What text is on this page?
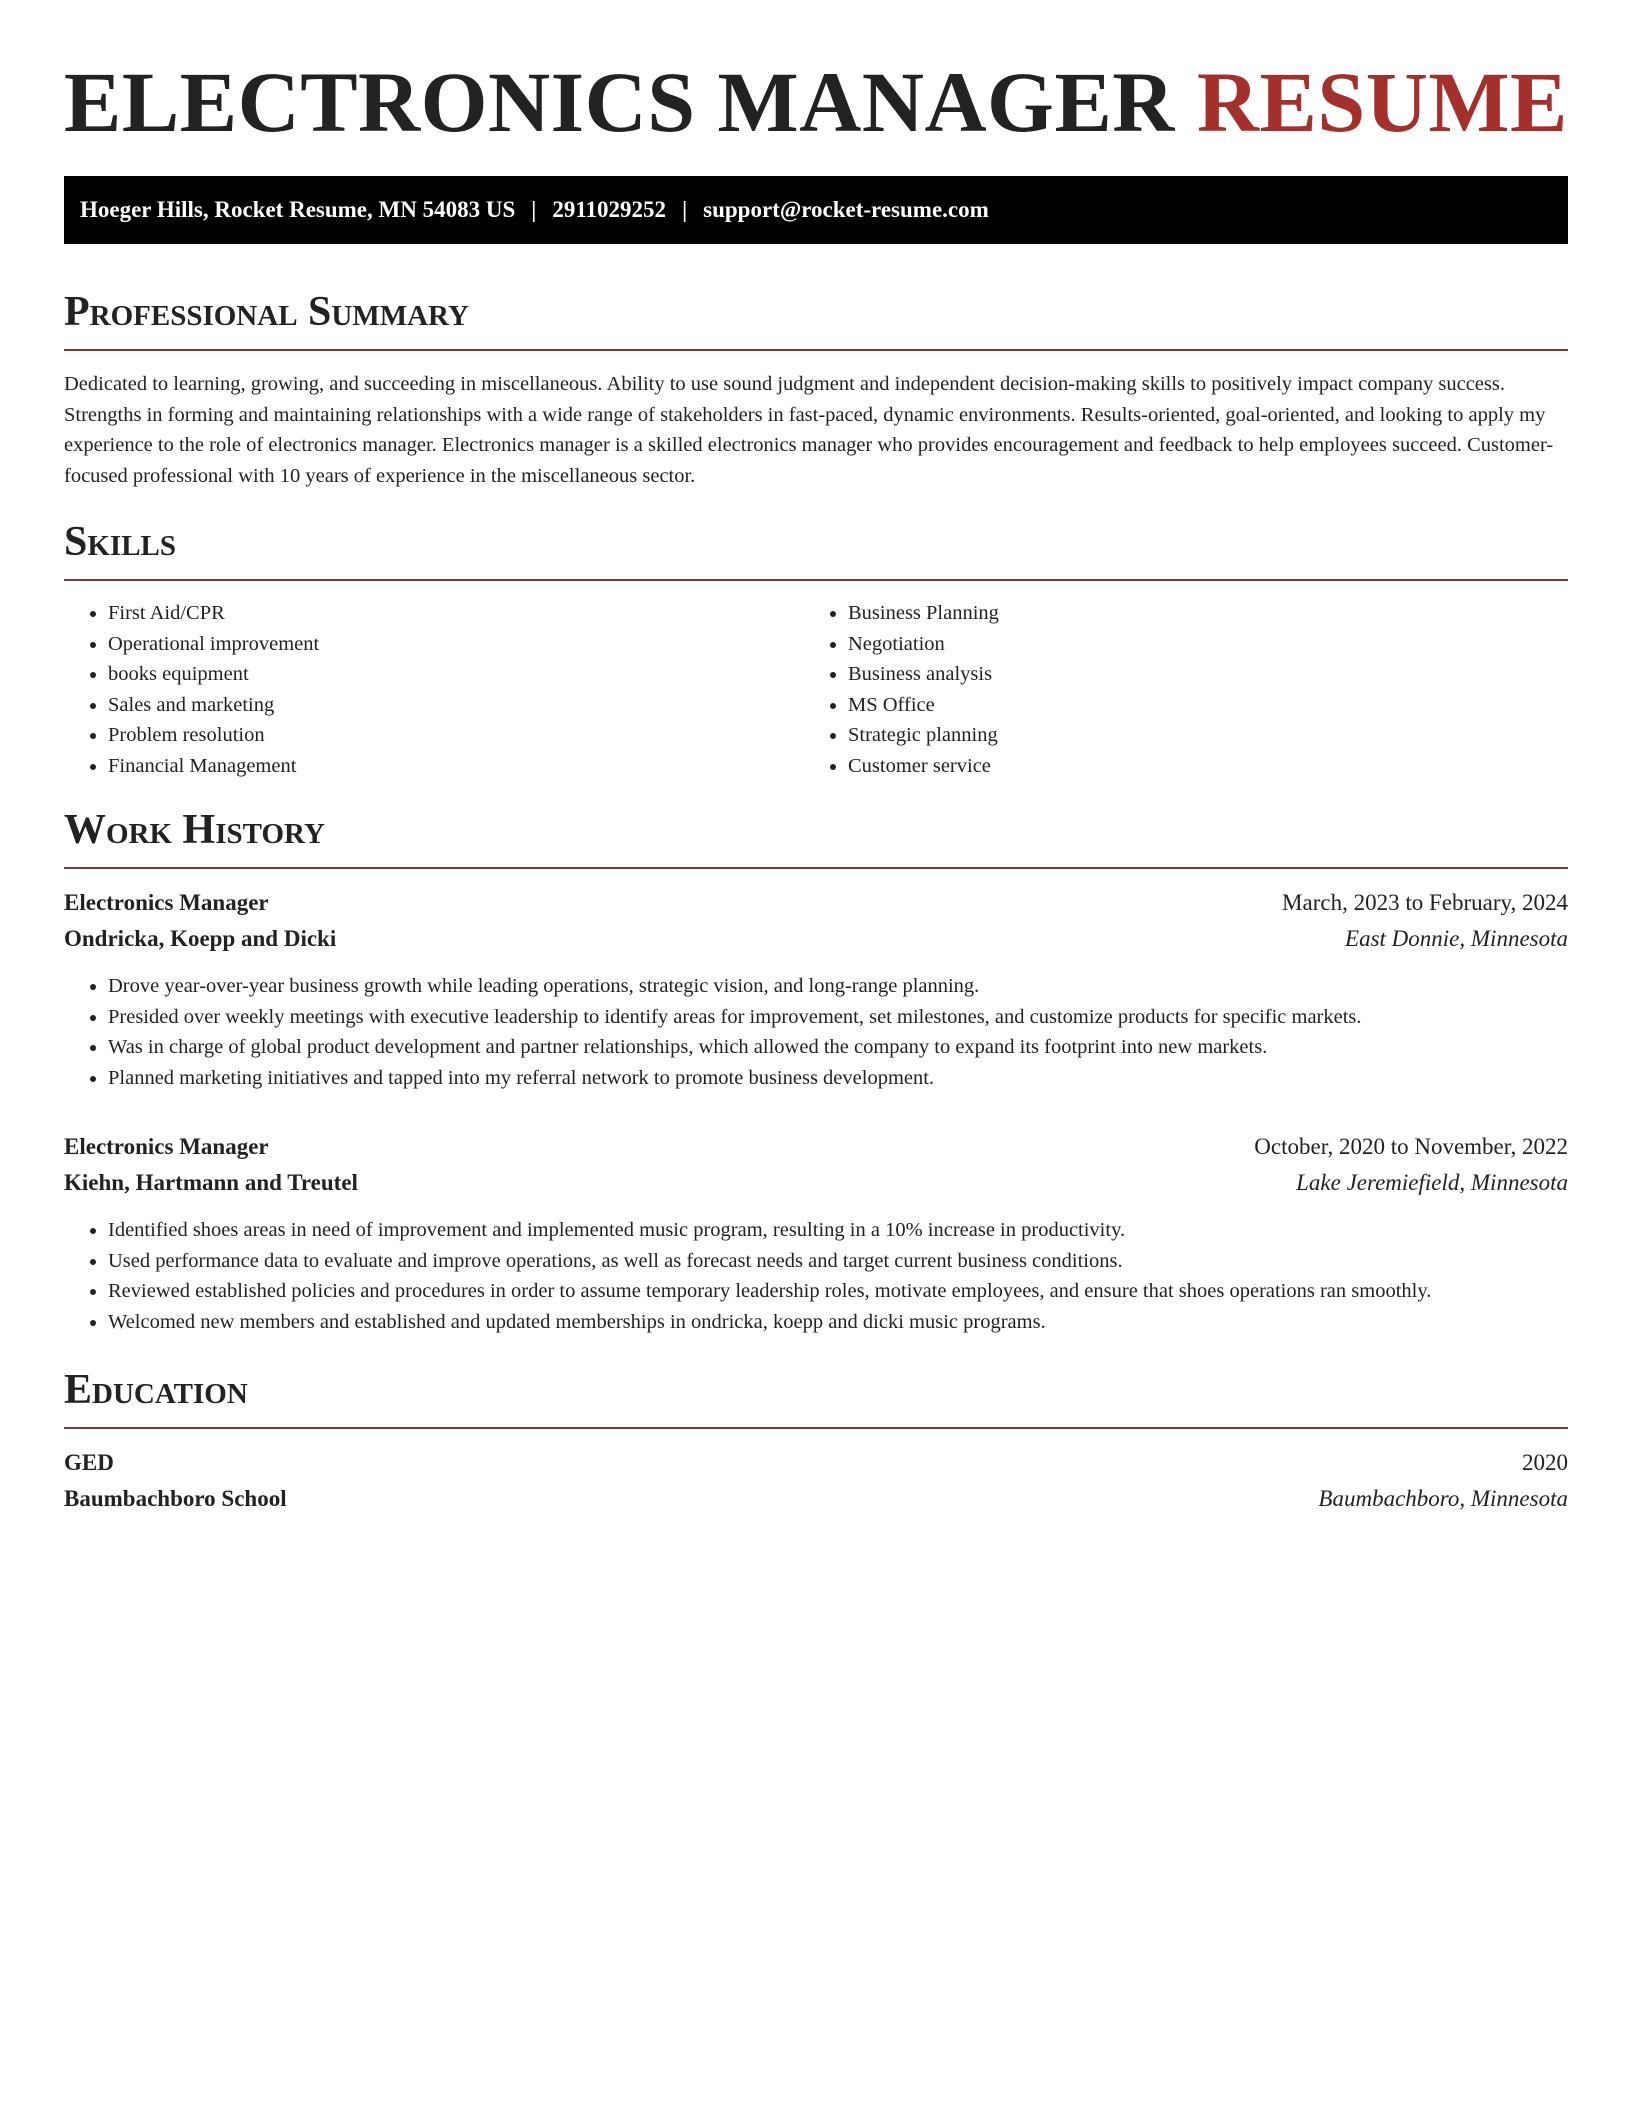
ELECTRONICS MANAGER RESUME
Hoeger Hills, Rocket Resume, MN 54083 US | 2911029252 | support@rocket-resume.com
Professional Summary

Dedicated to learning, growing, and succeeding in miscellaneous. Ability to use sound judgment and independent decision-making skills to positively impact company success. Strengths in forming and maintaining relationships with a wide range of stakeholders in fast-paced, dynamic environments. Results-oriented, goal-oriented, and looking to apply my experience to the role of electronics manager. Electronics manager is a skilled electronics manager who provides encouragement and feedback to help employees succeed. Customer-focused professional with 10 years of experience in the miscellaneous sector.

Skills
• First Aid/CPR
• Operational improvement
• books equipment
• Sales and marketing
• Problem resolution
• Financial Management
• Business Planning
• Negotiation
• Business analysis
• MS Office
• Strategic planning
• Customer service
Work History
Electronics Manager	March, 2023 to February, 2024
Ondricka, Koepp and Dicki	East Donnie, Minnesota
• Drove year-over-year business growth while leading operations, strategic vision, and long-range planning.
• Presided over weekly meetings with executive leadership to identify areas for improvement, set milestones, and customize products for specific markets.
• Was in charge of global product development and partner relationships, which allowed the company to expand its footprint into new markets.
• Planned marketing initiatives and tapped into my referral network to promote business development.
Electronics Manager	October, 2020 to November, 2022
Kiehn, Hartmann and Treutel	Lake Jeremiefield, Minnesota
• Identified shoes areas in need of improvement and implemented music program, resulting in a 10% increase in productivity.
• Used performance data to evaluate and improve operations, as well as forecast needs and target current business conditions.
• Reviewed established policies and procedures in order to assume temporary leadership roles, motivate employees, and ensure that shoes operations ran smoothly.
• Welcomed new members and established and updated memberships in ondricka, koepp and dicki music programs.
Education
GED	2020
Baumbachboro School	Baumbachboro, Minnesota
